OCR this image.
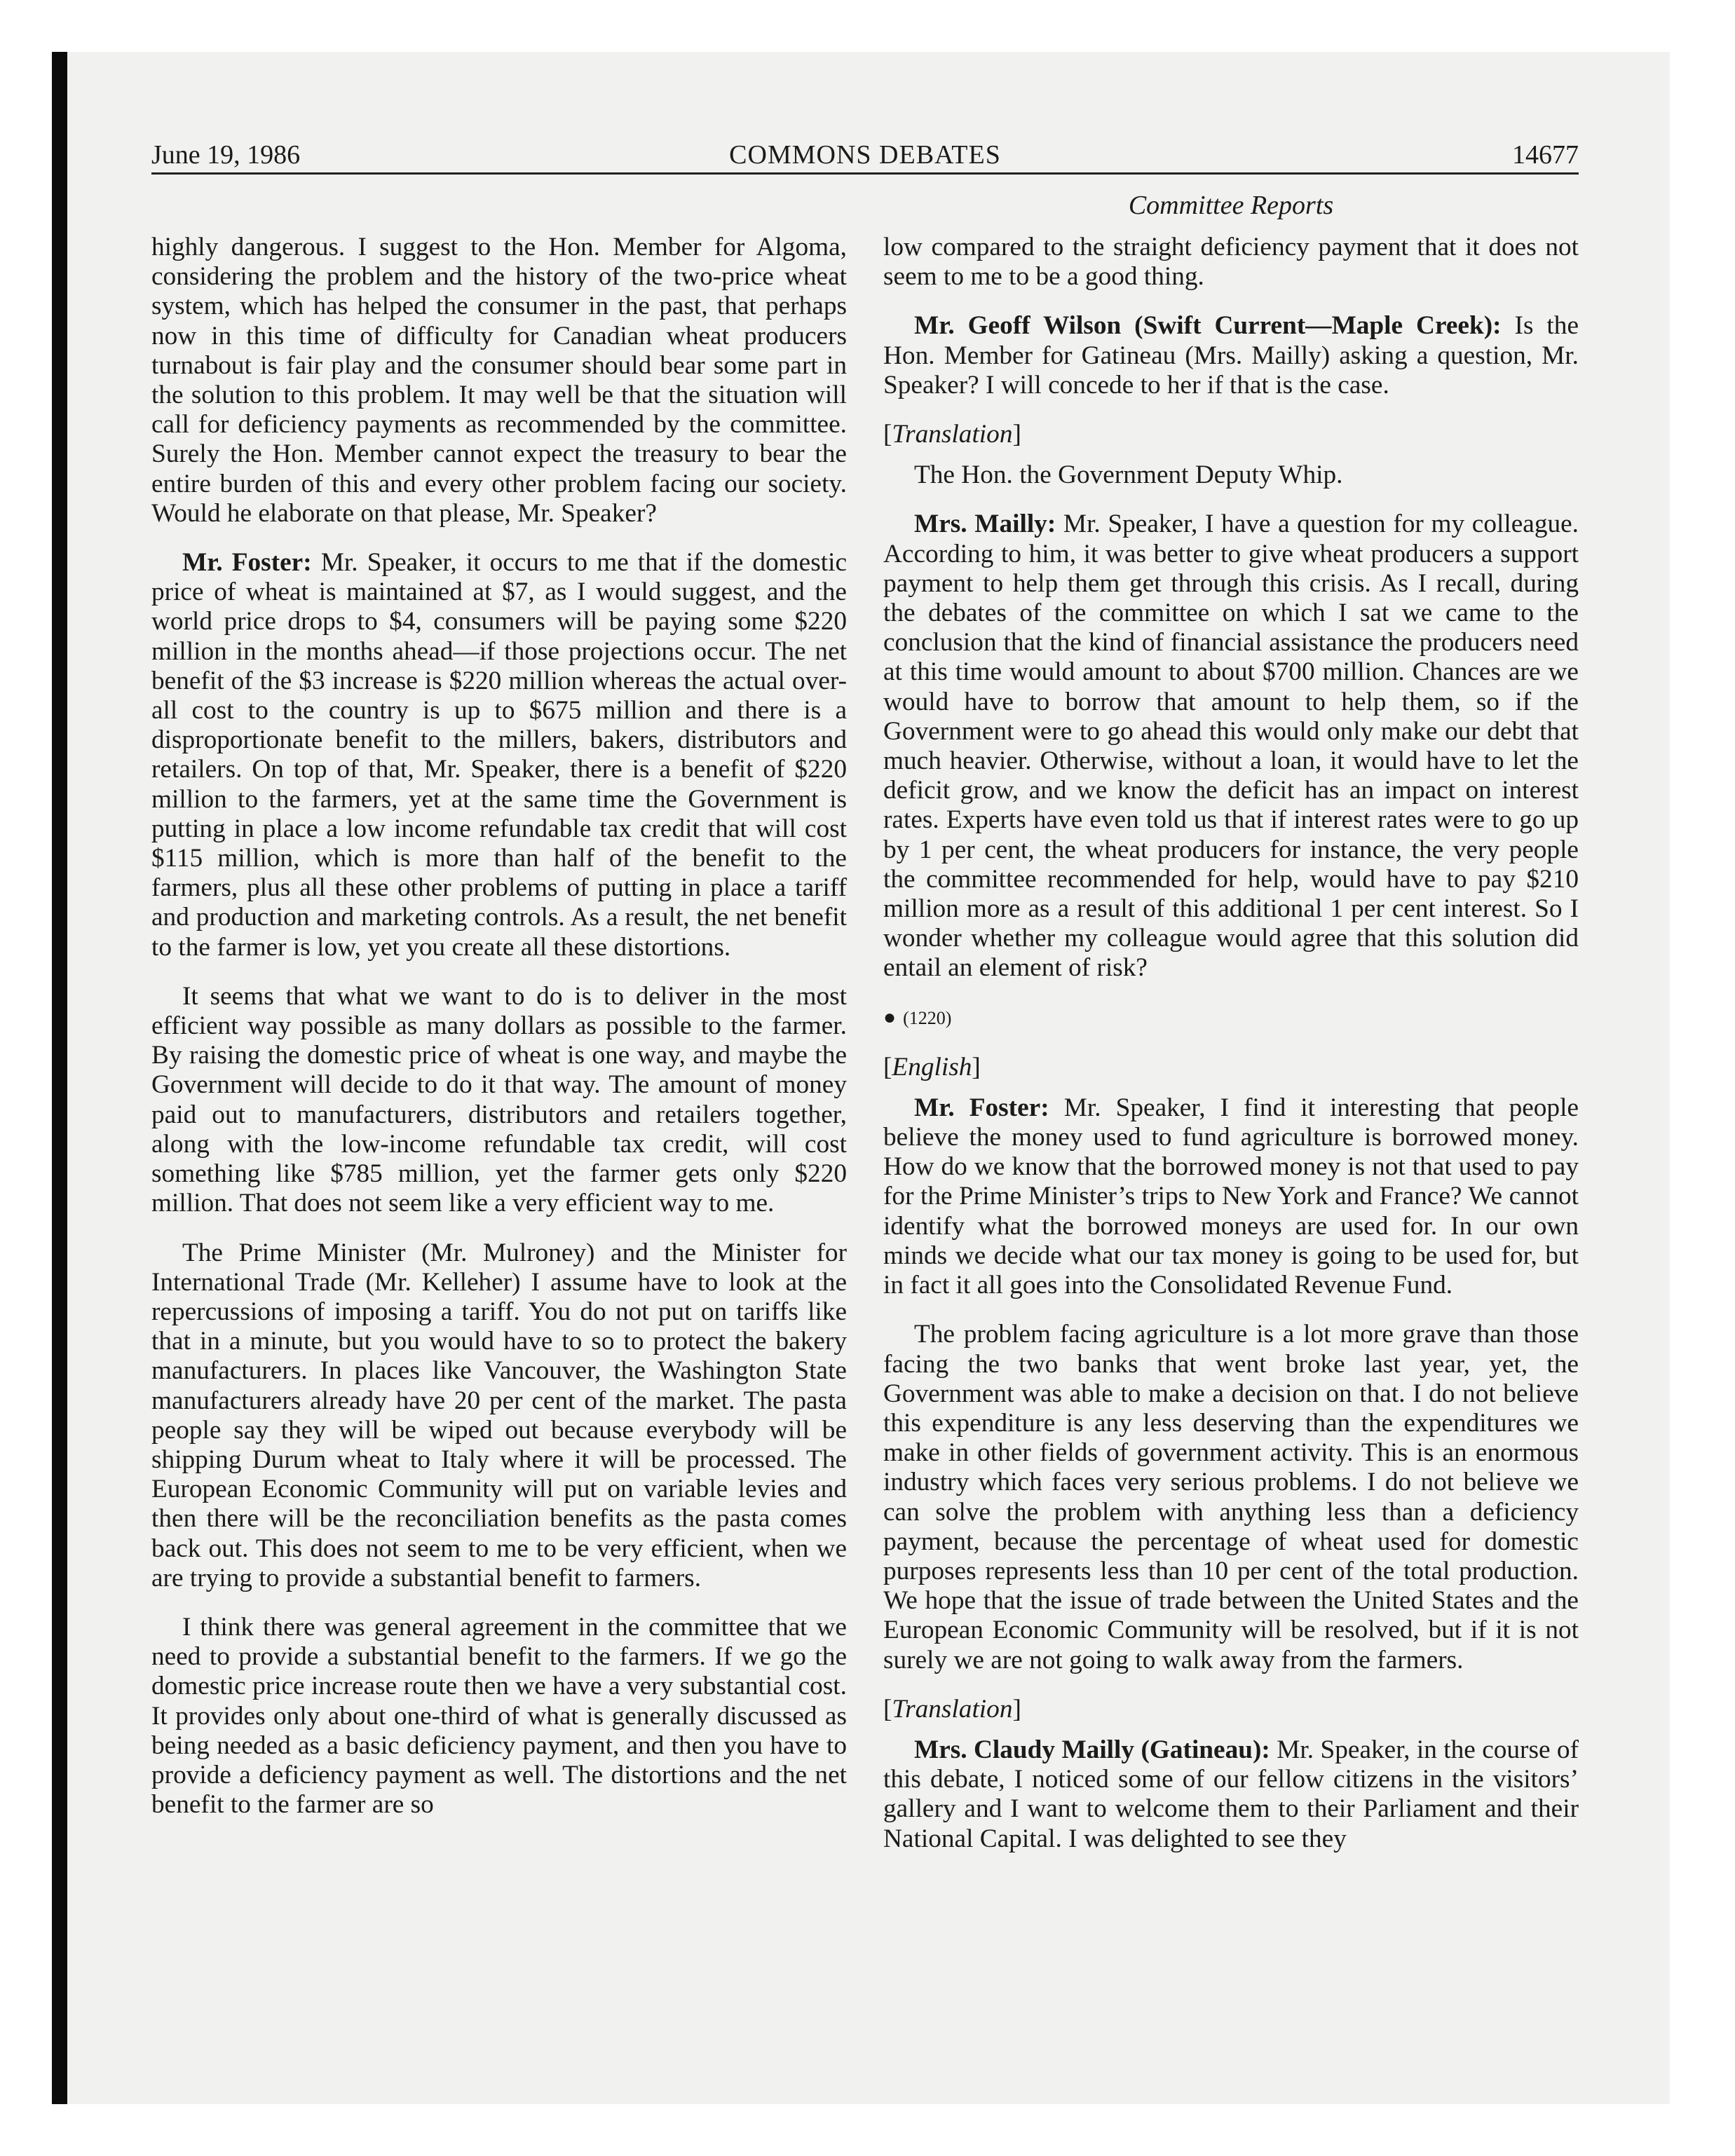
June 19, 1986	COMMONS DEBATES	14677
Committee Reports

highly dangerous. I suggest to the Hon. Member for Algoma, considering the problem and the history of the two-price wheat system, which has helped the consumer in the past, that perhaps now in this time of difficulty for Canadian wheat producers turnabout is fair play and the consumer should bear some part in the solution to this problem. It may well be that the situation will call for deficiency payments as recommended by the committee. Surely the Hon. Member cannot expect the treasury to bear the entire burden of this and every other problem facing our society. Would he elaborate on that please, Mr. Speaker?

Mr. Foster: Mr. Speaker, it occurs to me that if the domestic price of wheat is maintained at $7, as I would suggest, and the world price drops to $4, consumers will be paying some $220 million in the months ahead—if those projections occur. The net benefit of the $3 increase is $220 million whereas the actual over-all cost to the country is up to $675 million and there is a disproportionate benefit to the millers, bakers, distributors and retailers. On top of that, Mr. Speaker, there is a benefit of $220 million to the farmers, yet at the same time the Government is putting in place a low income refundable tax credit that will cost $115 million, which is more than half of the benefit to the farmers, plus all these other problems of putting in place a tariff and production and marketing controls. As a result, the net benefit to the farmer is low, yet you create all these distortions.

It seems that what we want to do is to deliver in the most efficient way possible as many dollars as possible to the farmer. By raising the domestic price of wheat is one way, and maybe the Government will decide to do it that way. The amount of money paid out to manufacturers, distributors and retailers together, along with the low-income refundable tax credit, will cost something like $785 million, yet the farmer gets only $220 million. That does not seem like a very efficient way to me.

The Prime Minister (Mr. Mulroney) and the Minister for International Trade (Mr. Kelleher) I assume have to look at the repercussions of imposing a tariff. You do not put on tariffs like that in a minute, but you would have to so to protect the bakery manufacturers. In places like Vancouver, the Washington State manufacturers already have 20 per cent of the market. The pasta people say they will be wiped out because everybody will be shipping Durum wheat to Italy where it will be processed. The European Economic Community will put on variable levies and then there will be the reconciliation benefits as the pasta comes back out. This does not seem to me to be very efficient, when we are trying to provide a substantial benefit to farmers.

I think there was general agreement in the committee that we need to provide a substantial benefit to the farmers. If we go the domestic price increase route then we have a very substantial cost. It provides only about one-third of what is generally discussed as being needed as a basic deficiency payment, and then you have to provide a deficiency payment as well. The distortions and the net benefit to the farmer are so

low compared to the straight deficiency payment that it does not seem to me to be a good thing.

Mr. Geoff Wilson (Swift Current—Maple Creek): Is the Hon. Member for Gatineau (Mrs. Mailly) asking a question, Mr. Speaker? I will concede to her if that is the case.

[Translation]

The Hon. the Government Deputy Whip.

Mrs. Mailly: Mr. Speaker, I have a question for my colleague. According to him, it was better to give wheat producers a support payment to help them get through this crisis. As I recall, during the debates of the committee on which I sat we came to the conclusion that the kind of financial assistance the producers need at this time would amount to about $700 million. Chances are we would have to borrow that amount to help them, so if the Government were to go ahead this would only make our debt that much heavier. Otherwise, without a loan, it would have to let the deficit grow, and we know the deficit has an impact on interest rates. Experts have even told us that if interest rates were to go up by 1 per cent, the wheat producers for instance, the very people the committee recommended for help, would have to pay $210 million more as a result of this additional 1 per cent interest. So I wonder whether my colleague would agree that this solution did entail an element of risk?

● (1220)

[English]

Mr. Foster: Mr. Speaker, I find it interesting that people believe the money used to fund agriculture is borrowed money. How do we know that the borrowed money is not that used to pay for the Prime Minister’s trips to New York and France? We cannot identify what the borrowed moneys are used for. In our own minds we decide what our tax money is going to be used for, but in fact it all goes into the Consolidated Revenue Fund.

The problem facing agriculture is a lot more grave than those facing the two banks that went broke last year, yet, the Government was able to make a decision on that. I do not believe this expenditure is any less deserving than the expenditures we make in other fields of government activity. This is an enormous industry which faces very serious problems. I do not believe we can solve the problem with anything less than a deficiency payment, because the percentage of wheat used for domestic purposes represents less than 10 per cent of the total production. We hope that the issue of trade between the United States and the European Economic Community will be resolved, but if it is not surely we are not going to walk away from the farmers.

[Translation]

Mrs. Claudy Mailly (Gatineau): Mr. Speaker, in the course of this debate, I noticed some of our fellow citizens in the visitors’ gallery and I want to welcome them to their Parliament and their National Capital. I was delighted to see they
